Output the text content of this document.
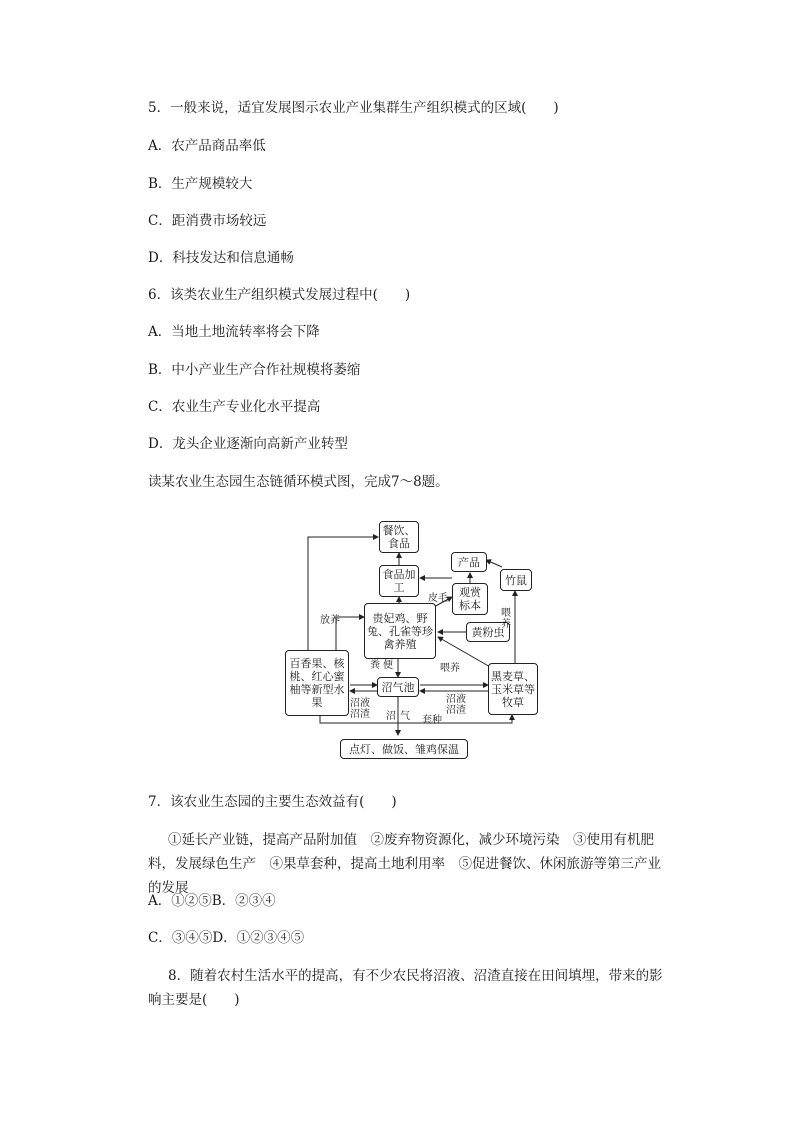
5．一般来说，适宜发展图示农业产业集群生产组织模式的区域(　　)
A．农产品商品率低
B．生产规模较大
C．距消费市场较远
D．科技发达和信息通畅
6．该类农业生产组织模式发展过程中(　　)
A．当地土地流转率将会下降
B．中小产业生产合作社规模将萎缩
C．农业生产专业化水平提高
D．龙头企业逐渐向高新产业转型
读某农业生态园生态链循环模式图，完成7～8题。
餐饮、食品
产品
食品加工
竹鼠
观赏标本
贵妃鸡、野兔、孔雀等珍禽养殖
黄粉虫
百香果、核桃、红心蜜柚等新型水果
沼气池
黑麦草、玉米草等牧草
点灯、做饭、雏鸡保温
皮毛
喂养
放养
粪便	喂养
沼液
沼渣
沼液
沼渣
沼气 套种
7．该农业生态园的主要生态效益有(　　)
①延长产业链，提高产品附加值　②废弃物资源化，减少环境污染　③使用有机肥料，发展绿色生产　④果草套种，提高土地利用率　⑤促进餐饮、休闲旅游等第三产业的发展
A．①②⑤B．②③④
C．③④⑤D．①②③④⑤
8．随着农村生活水平的提高，有不少农民将沼液、沼渣直接在田间填埋，带来的影响主要是(　　)
